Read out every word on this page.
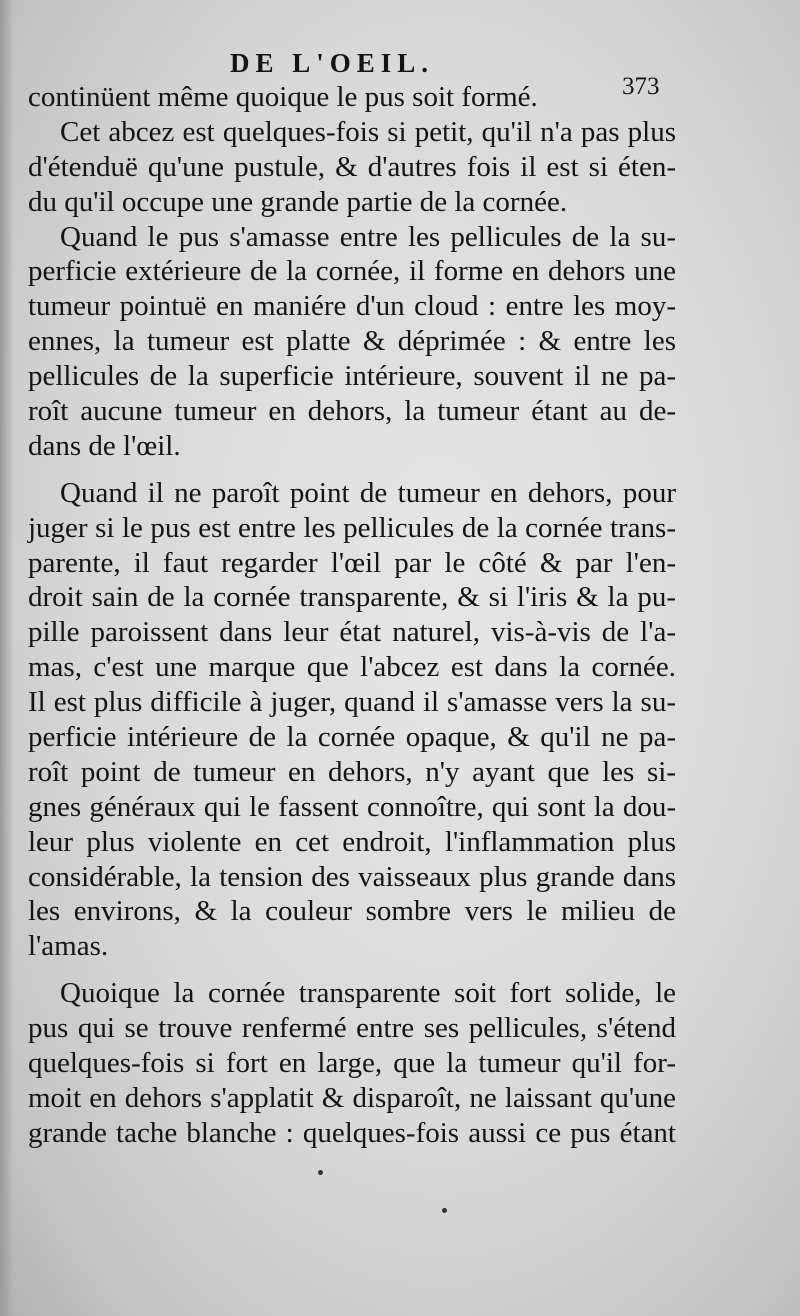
DE L'OEIL.
373
continüent même quoique le pus soit formé.
Cet abcez est quelques-fois si petit, qu'il n'a pas plus
d'étenduë qu'une pustule, & d'autres fois il est si éten-
du qu'il occupe une grande partie de la cornée.
Quand le pus s'amasse entre les pellicules de la su-
perficie extérieure de la cornée, il forme en dehors une
tumeur pointuë en maniére d'un cloud : entre les moy-
ennes, la tumeur est platte & déprimée : & entre les
pellicules de la superficie intérieure, souvent il ne pa-
roît aucune tumeur en dehors, la tumeur étant au de-
dans de l'œil.
Quand il ne paroît point de tumeur en dehors, pour
juger si le pus est entre les pellicules de la cornée trans-
parente, il faut regarder l'œil par le côté & par l'en-
droit sain de la cornée transparente, & si l'iris & la pu-
pille paroissent dans leur état naturel, vis-à-vis de l'a-
mas, c'est une marque que l'abcez est dans la cornée.
Il est plus difficile à juger, quand il s'amasse vers la su-
perficie intérieure de la cornée opaque, & qu'il ne pa-
roît point de tumeur en dehors, n'y ayant que les si-
gnes généraux qui le fassent connoître, qui sont la dou-
leur plus violente en cet endroit, l'inflammation plus
considérable, la tension des vaisseaux plus grande dans
les environs, & la couleur sombre vers le milieu de
l'amas.
Quoique la cornée transparente soit fort solide, le
pus qui se trouve renfermé entre ses pellicules, s'étend
quelques-fois si fort en large, que la tumeur qu'il for-
moit en dehors s'applatit & disparoît, ne laissant qu'une
grande tache blanche : quelques-fois aussi ce pus étant
